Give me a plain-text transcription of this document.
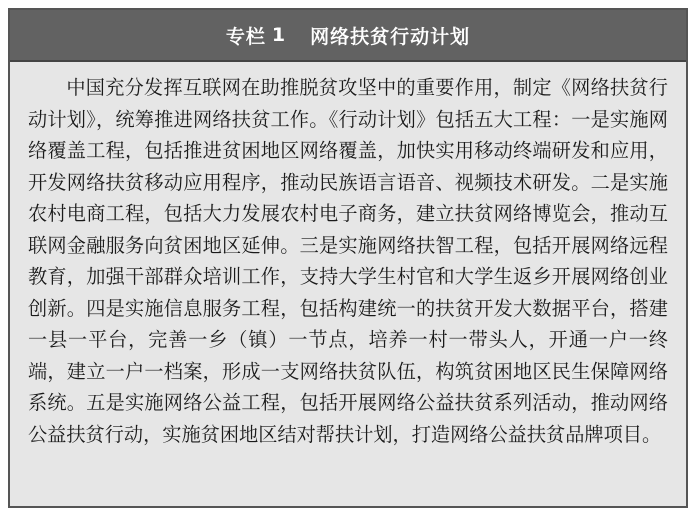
专栏 1 网络扶贫行动计划

中国充分发挥互联网在助推脱贫攻坚中的重要作用，制定《网络扶贫行动计划》，统筹推进网络扶贫工作。《行动计划》包括五大工程：一是实施网络覆盖工程，包括推进贫困地区网络覆盖，加快实用移动终端研发和应用，开发网络扶贫移动应用程序，推动民族语言语音、视频技术研发。二是实施农村电商工程，包括大力发展农村电子商务，建立扶贫网络博览会，推动互联网金融服务向贫困地区延伸。三是实施网络扶智工程，包括开展网络远程教育，加强干部群众培训工作，支持大学生村官和大学生返乡开展网络创业创新。四是实施信息服务工程，包括构建统一的扶贫开发大数据平台，搭建一县一平台，完善一乡（镇）一节点，培养一村一带头人，开通一户一终端，建立一户一档案，形成一支网络扶贫队伍，构筑贫困地区民生保障网络系统。五是实施网络公益工程，包括开展网络公益扶贫系列活动，推动网络公益扶贫行动，实施贫困地区结对帮扶计划，打造网络公益扶贫品牌项目。
